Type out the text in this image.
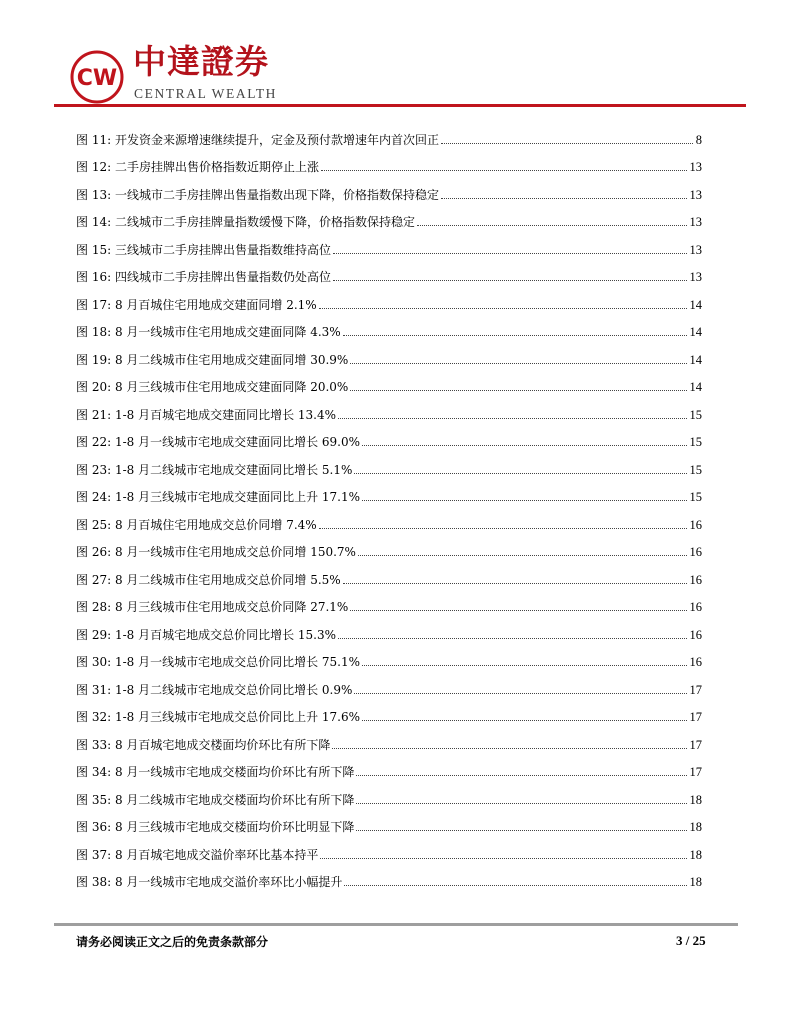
CW 中達證券
CENTRAL WEALTH
图 11: 开发资金来源增速继续提升，定金及预付款增速年内首次回正	8
图 12: 二手房挂牌出售价格指数近期停止上涨	13
图 13: 一线城市二手房挂牌出售量指数出现下降，价格指数保持稳定	13
图 14: 二线城市二手房挂牌量指数缓慢下降，价格指数保持稳定	13
图 15: 三线城市二手房挂牌出售量指数维持高位	13
图 16: 四线城市二手房挂牌出售量指数仍处高位	13
图 17: 8 月百城住宅用地成交建面同增 2.1%	14
图 18: 8 月一线城市住宅用地成交建面同降 4.3%	14
图 19: 8 月二线城市住宅用地成交建面同增 30.9%	14
图 20: 8 月三线城市住宅用地成交建面同降 20.0%	14
图 21: 1-8 月百城宅地成交建面同比增长 13.4%	15
图 22: 1-8 月一线城市宅地成交建面同比增长 69.0%	15
图 23: 1-8 月二线城市宅地成交建面同比增长 5.1%	15
图 24: 1-8 月三线城市宅地成交建面同比上升 17.1%	15
图 25: 8 月百城住宅用地成交总价同增 7.4%	16
图 26: 8 月一线城市住宅用地成交总价同增 150.7%	16
图 27: 8 月二线城市住宅用地成交总价同增 5.5%	16
图 28: 8 月三线城市住宅用地成交总价同降 27.1%	16
图 29: 1-8 月百城宅地成交总价同比增长 15.3%	16
图 30: 1-8 月一线城市宅地成交总价同比增长 75.1%	16
图 31: 1-8 月二线城市宅地成交总价同比增长 0.9%	17
图 32: 1-8 月三线城市宅地成交总价同比上升 17.6%	17
图 33: 8 月百城宅地成交楼面均价环比有所下降	17
图 34: 8 月一线城市宅地成交楼面均价环比有所下降	17
图 35: 8 月二线城市宅地成交楼面均价环比有所下降	18
图 36: 8 月三线城市宅地成交楼面均价环比明显下降	18
图 37: 8 月百城宅地成交溢价率环比基本持平	18
图 38: 8 月一线城市宅地成交溢价率环比小幅提升	18
请务必阅读正文之后的免责条款部分	3 / 25
